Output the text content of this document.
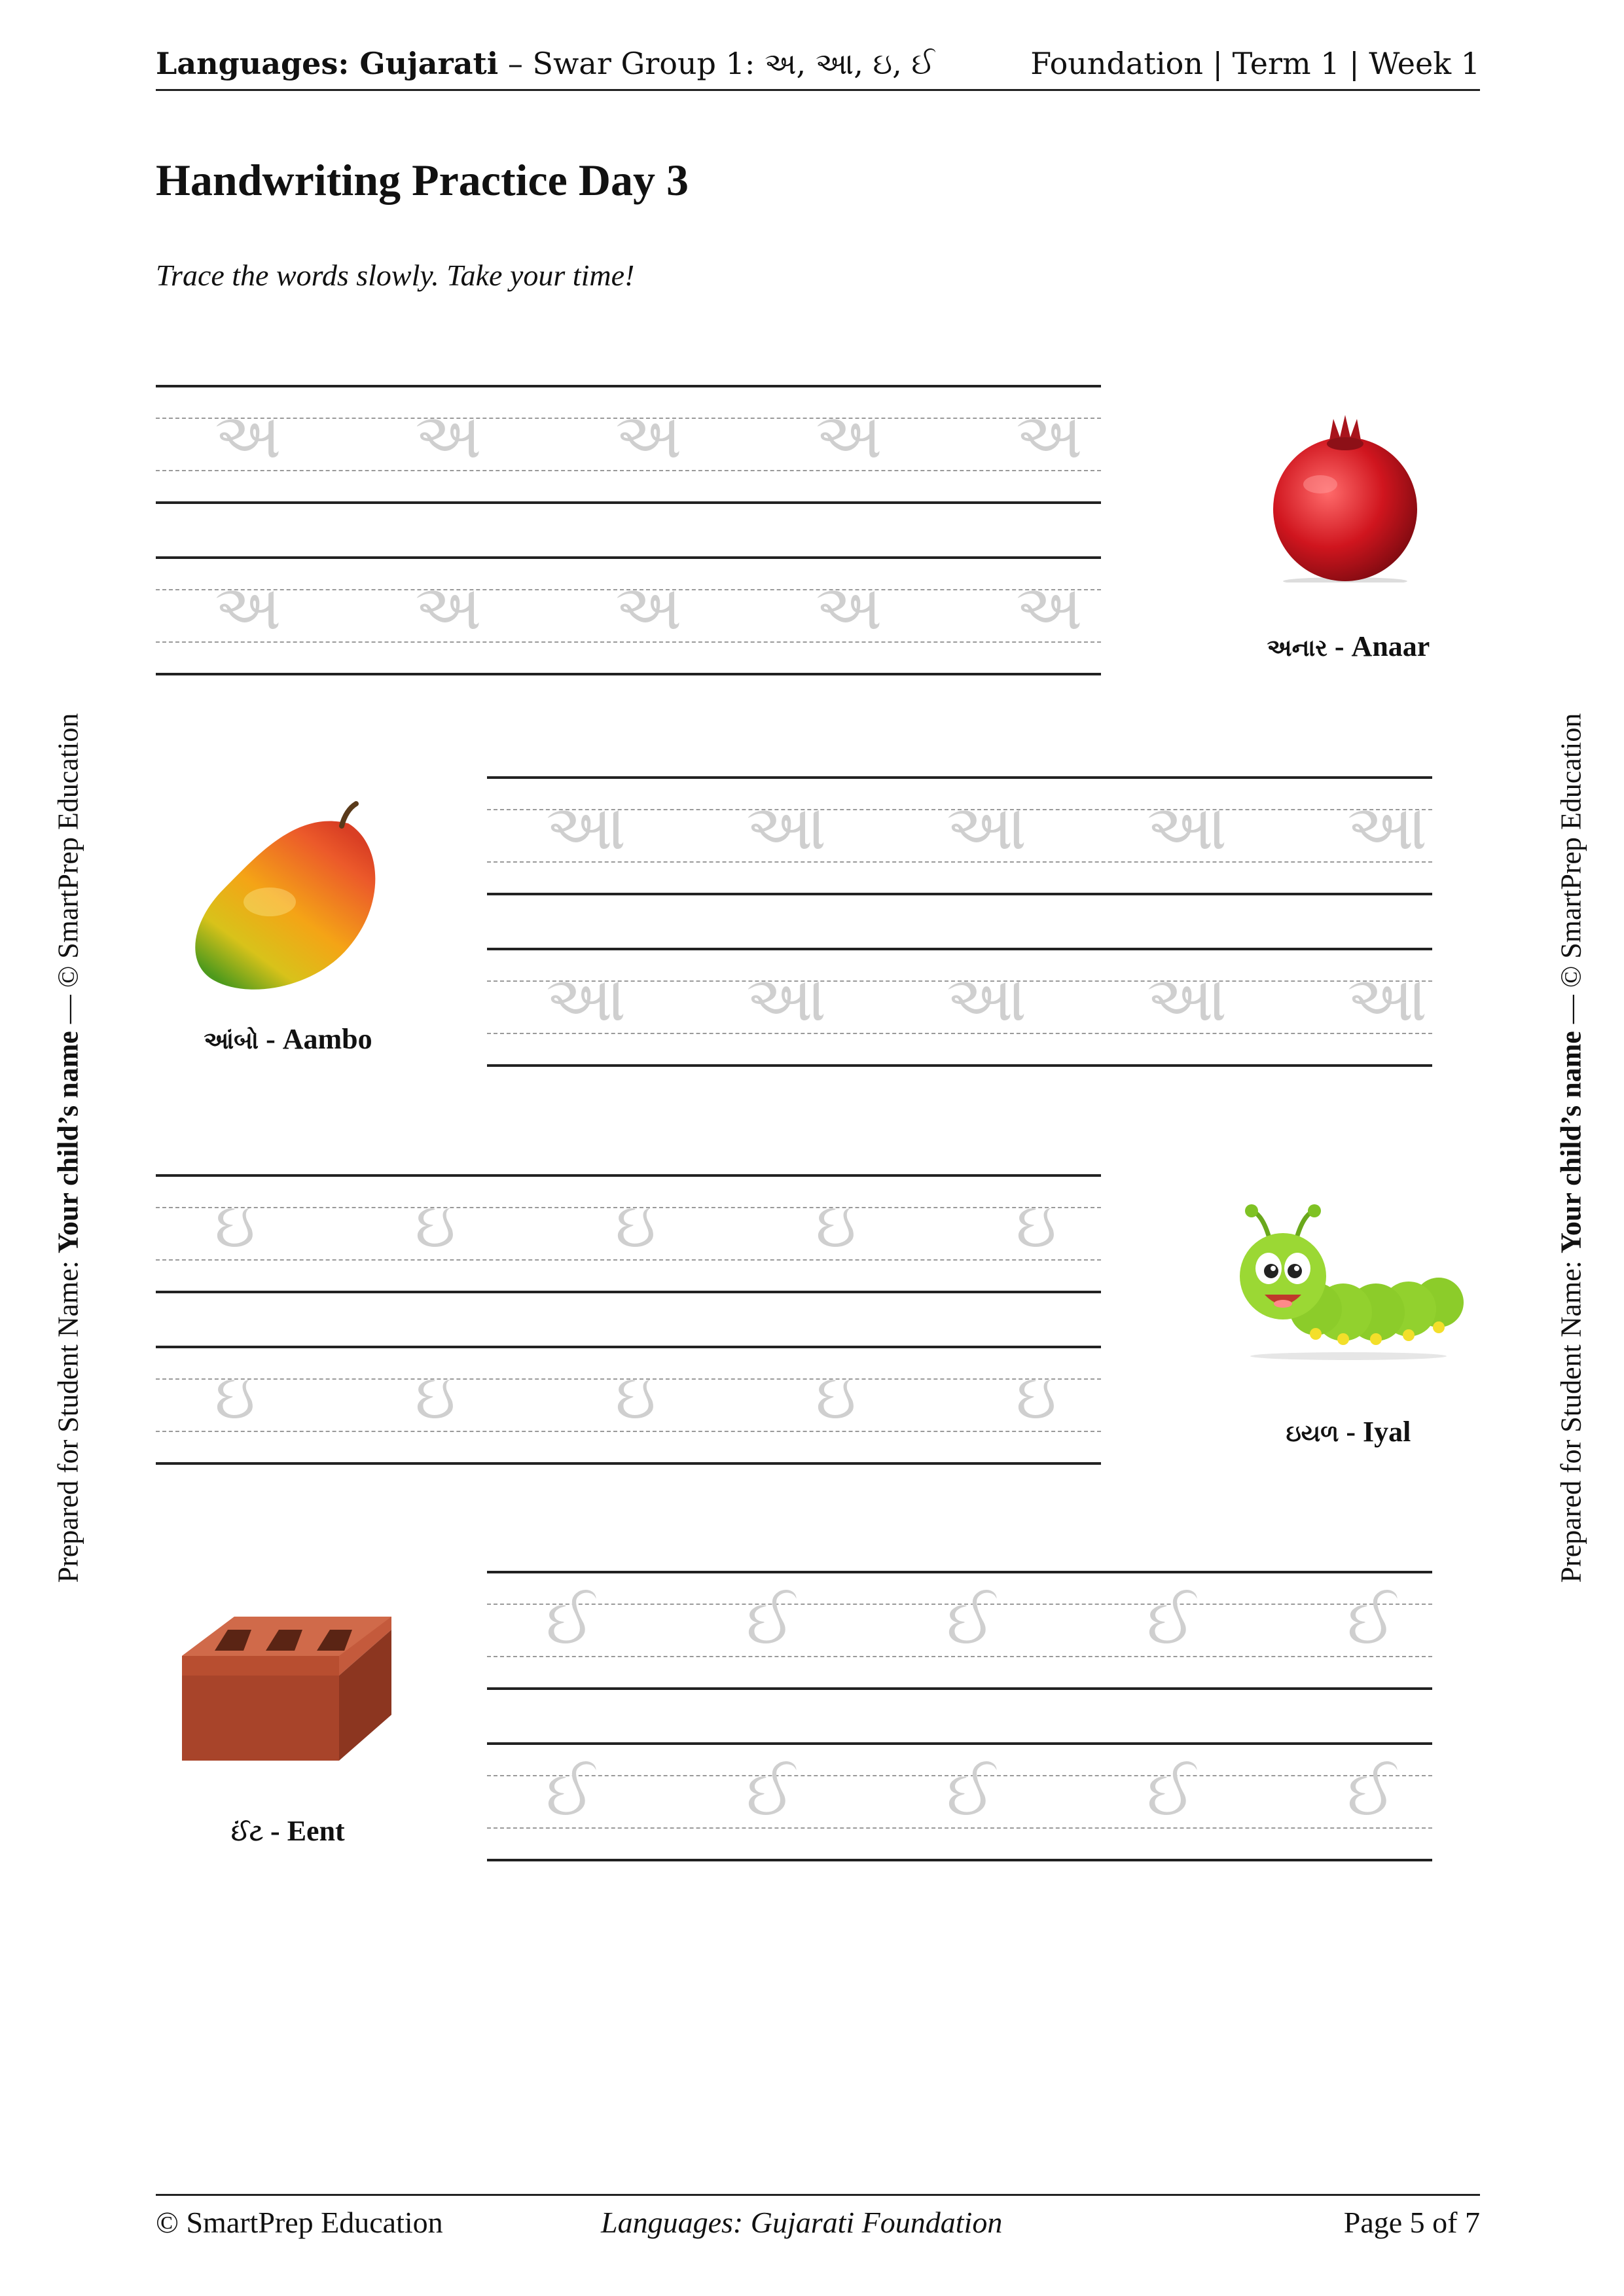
Languages: Gujarati – Swar Group 1: અ, આ, ઇ, ઈ	Foundation | Term 1 | Week 1
Handwriting Practice Day 3
Trace the words slowly. Take your time!
અ અ અ અ અ
અ અ અ અ અ
અનાર - Anaar
આ આ આ આ આ
આ આ આ આ આ
આંબો - Aambo
ઇ	ઇ	ઇ	ઇ	ઇ
ઇ	ઇ	ઇ	ઇ	ઇ
ઇયળ - Iyal
ઈ ઈ ઈ ઈ ઈ
ઈ ઈ ઈ ઈ ઈ
ઈંટ - Eent
Prepared for Student Name: Your child’s name — © SmartPrep Education
Prepared for Student Name: Your child’s name — © SmartPrep Education
© SmartPrep Education	Languages: Gujarati Foundation	Page 5 of 7
